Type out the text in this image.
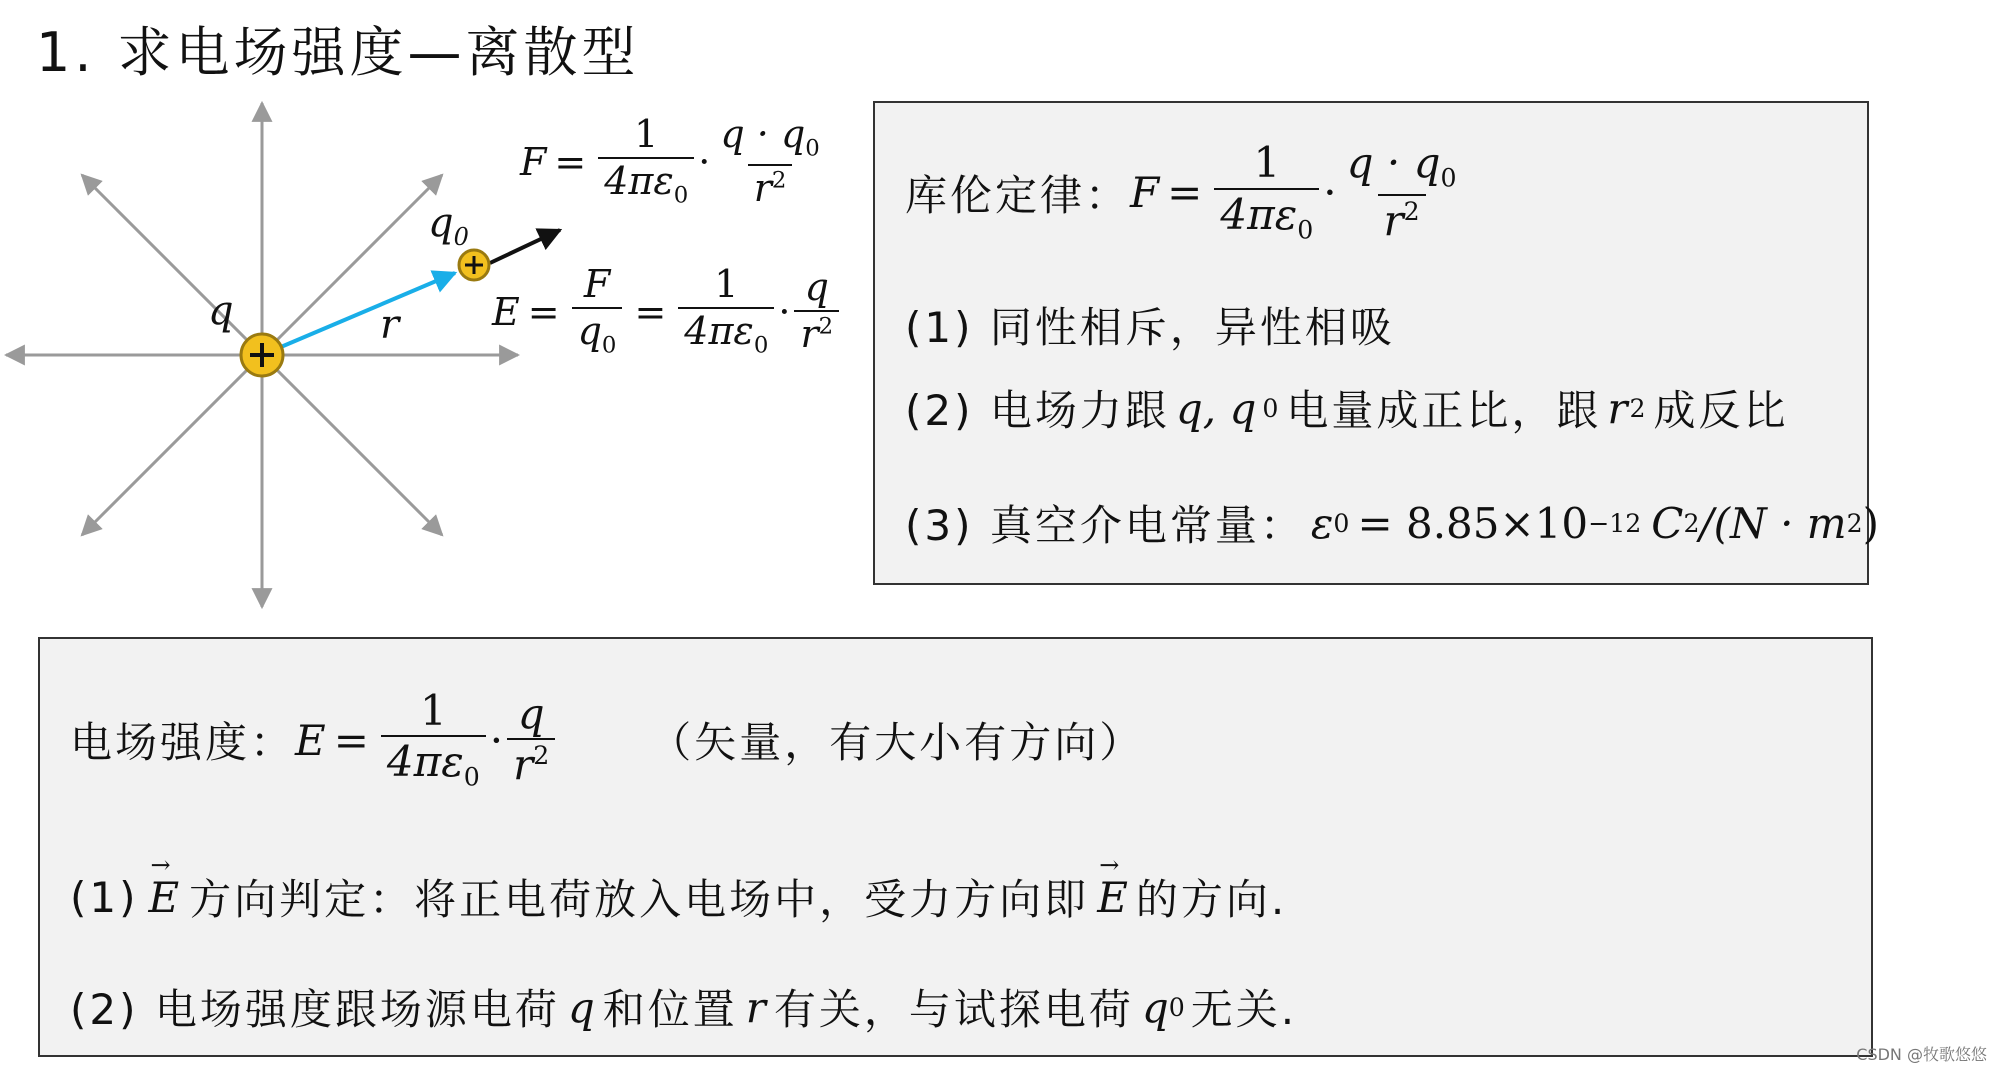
1. 求电场强度—离散型
q
$q_0$
r
$F = \frac{1}{4\pi\varepsilon_0} \cdot \frac{q \cdot q_0}{r^2}$
$E = \frac{F}{q_0} = \frac{1}{4\pi\varepsilon_0} \cdot \frac{q}{r^2}$
库伦定律： $F = \frac{1}{4\pi\varepsilon_0} \cdot \frac{q \cdot q_0}{r^2}$
(1) 同性相斥，异性相吸
(2) 电场力跟 q, q 0 电量成正比，跟 r 2 成反比
(3) 真空介电常量： ε 0 = 8.85×10 −12 C 2 /(N · m 2 )
电场强度： $E = \frac{1}{4\pi\varepsilon_0} \cdot \frac{q}{r^2}$ （矢量，有大小有方向）
(1) → E 方向判定：将正电荷放入电场中，受力方向即 → E 的方向.
(2) 电场强度跟场源电荷 q 和位置 r 有关，与试探电荷 q 0 无关.
CSDN @牧歌悠悠
